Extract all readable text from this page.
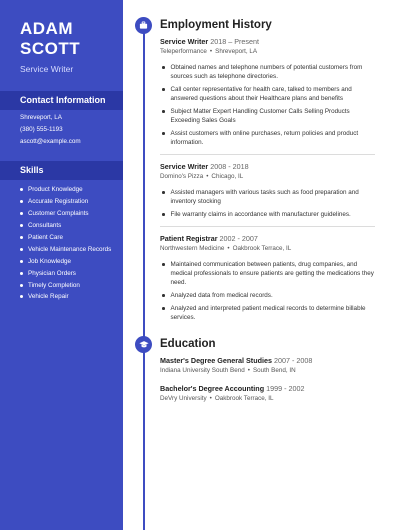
ADAM
SCOTT
Service Writer
Contact Information
Shreveport, LA
(380) 555-1193
ascott@example.com
Skills
Product Knowledge
Accurate Registration
Customer Complaints
Consultants
Patient Care
Vehicle Maintenance Records
Job Knowledge
Physician Orders
Timely Completion
Vehicle Repair
Employment History
Service Writer 2018 – Present
Teleperformance • Shreveport, LA
Obtained names and telephone numbers of potential customers from sources such as telephone directories.
Call center representative for health care, talked to members and answered questions about their Healthcare plans and benefits
Subject Matter Expert Handling Customer Calls Selling Products Exceeding Sales Goals
Assist customers with online purchases, return policies and product information.
Service Writer 2008 - 2018
Domino's Pizza • Chicago, IL
Assisted managers with various tasks such as food preparation and inventory stocking
File warranty claims in accordance with manufacturer guidelines.
Patient Registrar 2002 - 2007
Northwestern Medicine • Oakbrook Terrace, IL
Maintained communication between patients, drug companies, and medical professionals to ensure patients are getting the medications they need.
Analyzed data from medical records.
Analyzed and interpreted patient medical records to determine billable services.
Education
Master's Degree General Studies 2007 - 2008
Indiana University South Bend • South Bend, IN
Bachelor's Degree Accounting 1999 - 2002
DeVry University • Oakbrook Terrace, IL
